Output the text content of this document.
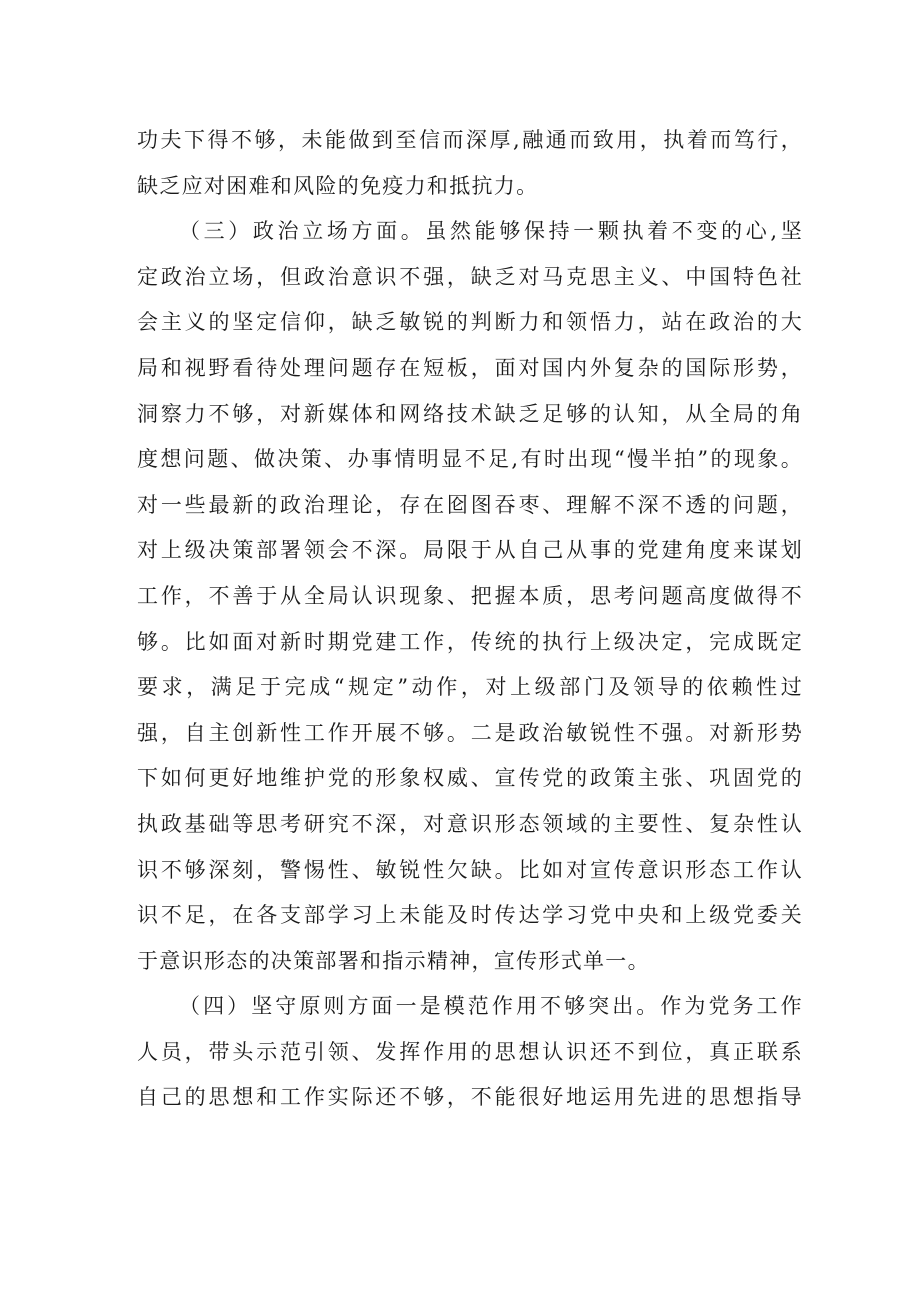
功夫下得不够，未能做到至信而深厚,融通而致用，执着而笃行，
缺乏应对困难和风险的免疫力和抵抗力。
（三）政治立场方面。虽然能够保持一颗执着不变的心,坚
定政治立场，但政治意识不强，缺乏对马克思主义、中国特色社
会主义的坚定信仰，缺乏敏锐的判断力和领悟力，站在政治的大
局和视野看待处理问题存在短板，面对国内外复杂的国际形势，
洞察力不够，对新媒体和网络技术缺乏足够的认知，从全局的角
度想问题、做决策、办事情明显不足,有时出现“慢半拍”的现象。
对一些最新的政治理论，存在囵图吞枣、理解不深不透的问题，
对上级决策部署领会不深。局限于从自己从事的党建角度来谋划
工作，不善于从全局认识现象、把握本质，思考问题高度做得不
够。比如面对新时期党建工作，传统的执行上级决定，完成既定
要求，满足于完成“规定”动作，对上级部门及领导的依赖性过
强，自主创新性工作开展不够。二是政治敏锐性不强。对新形势
下如何更好地维护党的形象权威、宣传党的政策主张、巩固党的
执政基础等思考研究不深，对意识形态领域的主要性、复杂性认
识不够深刻，警惕性、敏锐性欠缺。比如对宣传意识形态工作认
识不足，在各支部学习上未能及时传达学习党中央和上级党委关
于意识形态的决策部署和指示精神，宣传形式单一。
（四）坚守原则方面一是模范作用不够突出。作为党务工作
人员，带头示范引领、发挥作用的思想认识还不到位，真正联系
自己的思想和工作实际还不够，不能很好地运用先进的思想指导
